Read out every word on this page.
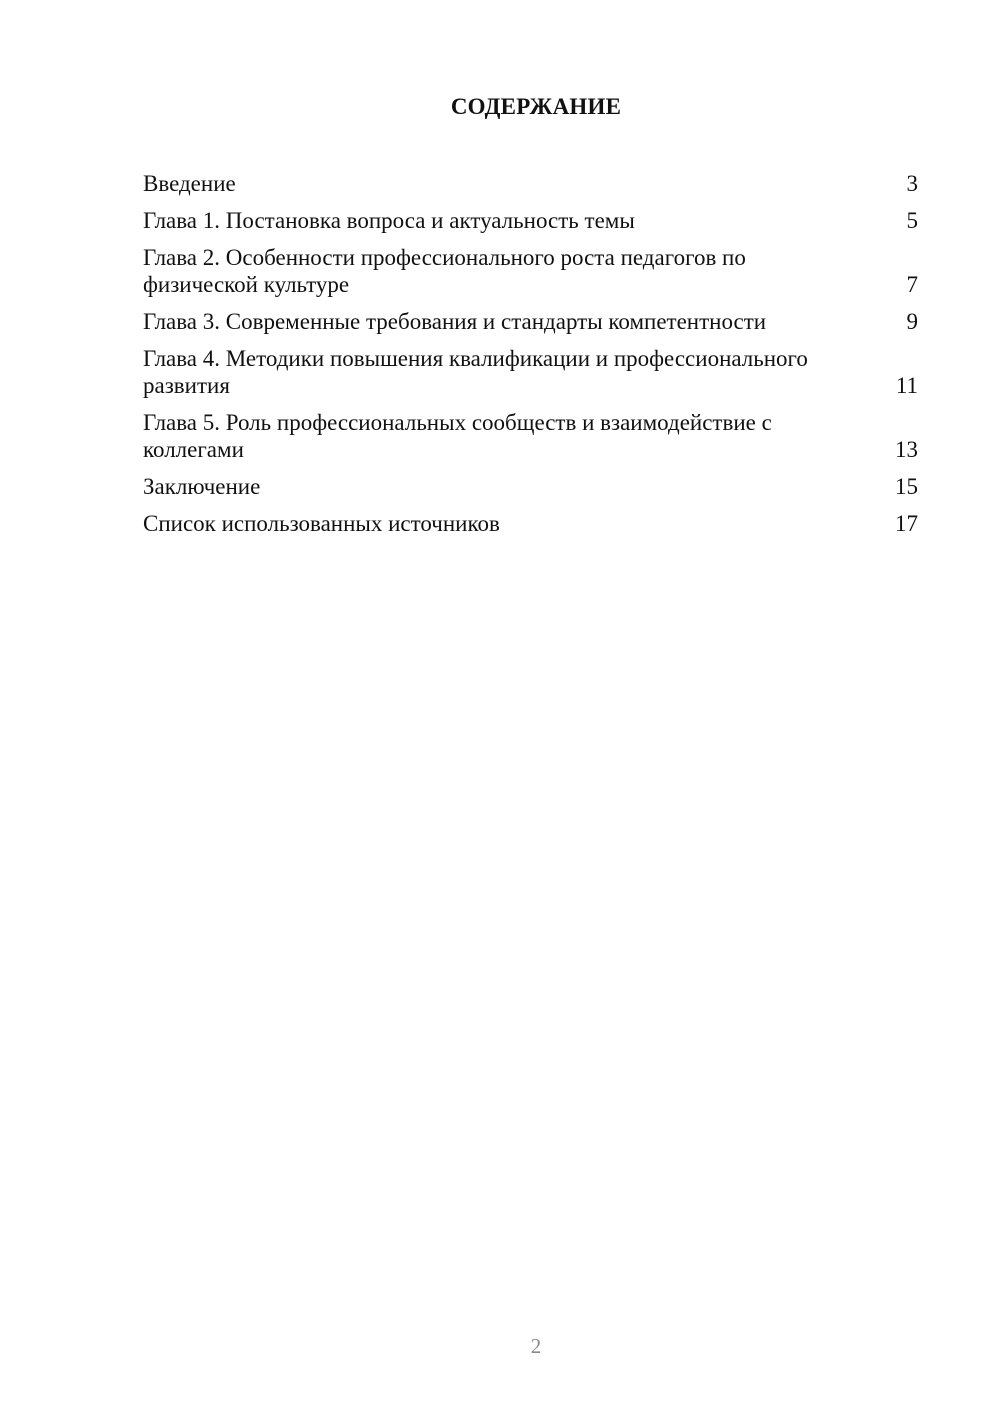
СОДЕРЖАНИЕ
Введение	3
Глава 1. Постановка вопроса и актуальность темы	5
Глава 2. Особенности профессионального роста педагогов по физической культуре	7
Глава 3. Современные требования и стандарты компетентности	9
Глава 4. Методики повышения квалификации и профессионального развития	11
Глава 5. Роль профессиональных сообществ и взаимодействие с коллегами	13
Заключение	15
Список использованных источников	17
2
